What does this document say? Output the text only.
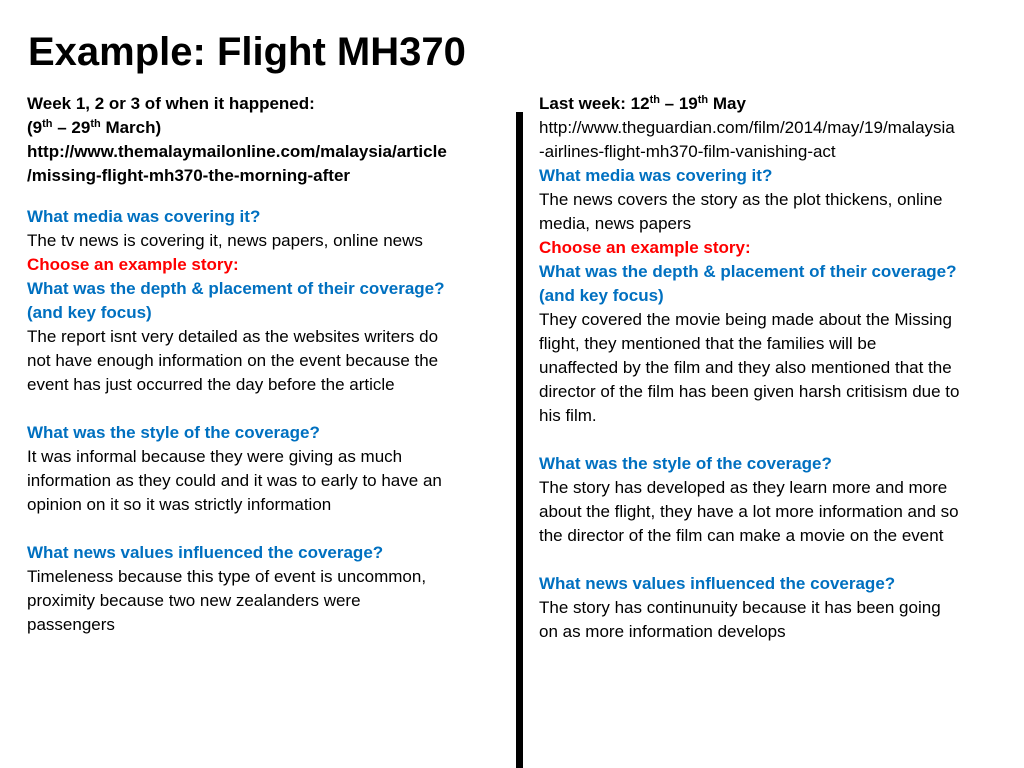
Example: Flight MH370
Week 1, 2 or 3 of when it happened:
(9th – 29th March)
http://www.themalaymailonline.com/malaysia/article
/missing-flight-mh370-the-morning-after
What media was covering it?
The tv news is covering it, news papers, online news
Choose an example story:
What was the depth & placement of their coverage?
(and key focus)
The report isnt very detailed as the websites writers do
not have enough information on the event because the
event has just occurred the day before the article
What was the style of the coverage?
It was informal because they were giving as much
information as they could and it was to early to have an
opinion on it so it was strictly information
What news values influenced the coverage?
Timeleness because this type of event is uncommon,
proximity because two new zealanders were
passengers
Last week: 12th – 19th May
http://www.theguardian.com/film/2014/may/19/malaysia
-airlines-flight-mh370-film-vanishing-act
What media was covering it?
The news covers the story as the plot thickens, online
media, news papers
Choose an example story:
What was the depth & placement of their coverage?
(and key focus)
They covered the movie being made about the Missing
flight, they mentioned that the families will be
unaffected by the film and they also mentioned that the
director of the film has been given harsh critisism due to
his film.
What was the style of the coverage?
The story has developed as they learn more and more
about the flight, they have a lot more information and so
the director of the film can make a movie on the event
What news values influenced the coverage?
The story has continunuity because it has been going
on as more information develops
